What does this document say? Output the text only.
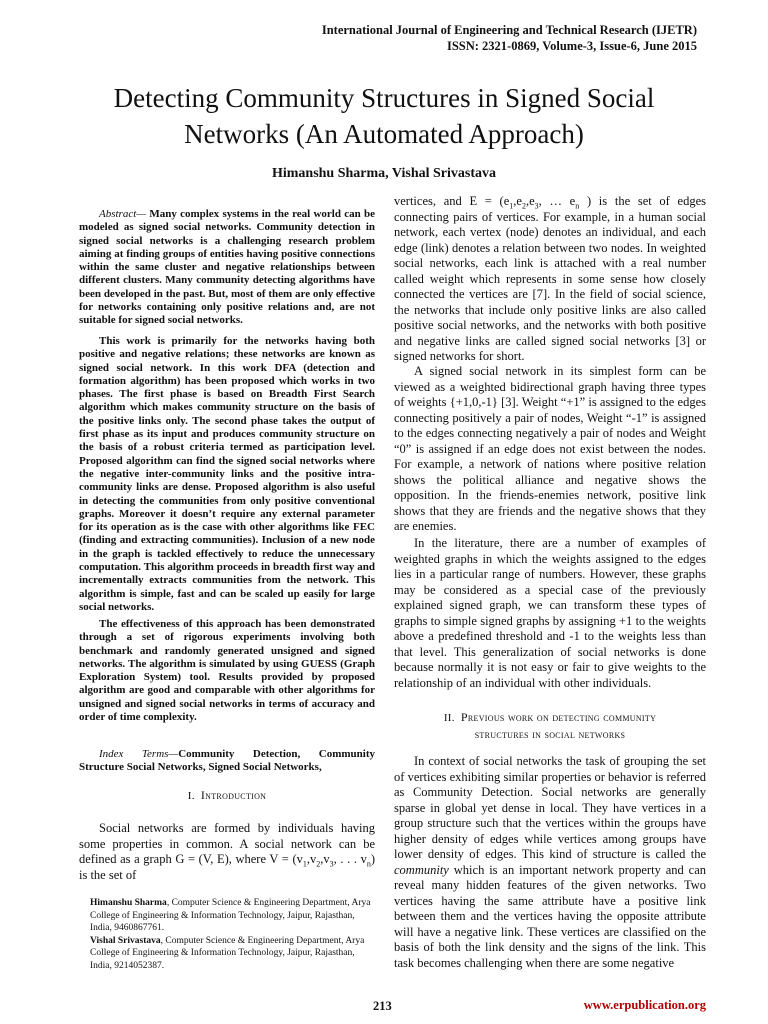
International Journal of Engineering and Technical Research (IJETR)
ISSN: 2321-0869, Volume-3, Issue-6, June 2015
Detecting Community Structures in Signed Social
Networks (An Automated Approach)
Himanshu Sharma, Vishal Srivastava

Abstract— Many complex systems in the real world can be modeled as signed social networks. Community detection in signed social networks is a challenging research problem aiming at finding groups of entities having positive connections within the same cluster and negative relationships between different clusters. Many community detecting algorithms have been developed in the past. But, most of them are only effective for networks containing only positive relations and, are not suitable for signed social networks.

This work is primarily for the networks having both positive and negative relations; these networks are known as signed social network. In this work DFA (detection and formation algorithm) has been proposed which works in two phases. The first phase is based on Breadth First Search algorithm which makes community structure on the basis of the positive links only. The second phase takes the output of first phase as its input and produces community structure on the basis of a robust criteria termed as participation level. Proposed algorithm can find the signed social networks where the negative inter-community links and the positive intra-community links are dense. Proposed algorithm is also useful in detecting the communities from only positive conventional graphs. Moreover it doesn’t require any external parameter for its operation as is the case with other algorithms like FEC (finding and extracting communities). Inclusion of a new node in the graph is tackled effectively to reduce the unnecessary computation. This algorithm proceeds in breadth first way and incrementally extracts communities from the network. This algorithm is simple, fast and can be scaled up easily for large social networks.

The effectiveness of this approach has been demonstrated through a set of rigorous experiments involving both benchmark and randomly generated unsigned and signed networks. The algorithm is simulated by using GUESS (Graph Exploration System) tool. Results provided by proposed algorithm are good and comparable with other algorithms for unsigned and signed social networks in terms of accuracy and order of time complexity.

Index Terms—Community Detection, Community Structure Social Networks, Signed Social Networks,

I. Introduction

Social networks are formed by individuals having some properties in common. A social network can be defined as a graph G = (V, E), where $V = (v_1,v_2,v_3$, . . . $v_n$) is the set of

Himanshu Sharma, Computer Science & Engineering Department, Arya College of Engineering & Information Technology, Jaipur, Rajasthan, India, 9460867761.

Vishal Srivastava, Computer Science & Engineering Department, Arya College of Engineering & Information Technology, Jaipur, Rajasthan, India, 9214052387.

vertices, and $E = (e_1,e_2,e_3$, … $e_n$ ) is the set of edges connecting pairs of vertices. For example, in a human social network, each vertex (node) denotes an individual, and each edge (link) denotes a relation between two nodes. In weighted social networks, each link is attached with a real number called weight which represents in some sense how closely connected the vertices are [7]. In the field of social science, the networks that include only positive links are also called positive social networks, and the networks with both positive and negative links are called signed social networks [3] or signed networks for short.

A signed social network in its simplest form can be viewed as a weighted bidirectional graph having three types of weights {+1,0,-1} [3]. Weight “+1” is assigned to the edges connecting positively a pair of nodes, Weight “-1” is assigned to the edges connecting negatively a pair of nodes and Weight “0” is assigned if an edge does not exist between the nodes. For example, a network of nations where positive relation shows the political alliance and negative shows the opposition. In the friends-enemies network, positive link shows that they are friends and the negative shows that they are enemies.

In the literature, there are a number of examples of weighted graphs in which the weights assigned to the edges lies in a particular range of numbers. However, these graphs may be considered as a special case of the previously explained signed graph, we can transform these types of graphs to simple signed graphs by assigning +1 to the weights above a predefined threshold and -1 to the weights less than that level. This generalization of social networks is done because normally it is not easy or fair to give weights to the relationship of an individual with other individuals.

II. Previous work on detecting community
structures in social networks

In context of social networks the task of grouping the set of vertices exhibiting similar properties or behavior is referred as Community Detection. Social networks are generally sparse in global yet dense in local. They have vertices in a group structure such that the vertices within the groups have higher density of edges while vertices among groups have lower density of edges. This kind of structure is called the community which is an important network property and can reveal many hidden features of the given networks. Two vertices having the same attribute have a positive link between them and the vertices having the opposite attribute will have a negative link. These vertices are classified on the basis of both the link density and the signs of the link. This task becomes challenging when there are some negative

213	www.erpublication.org
